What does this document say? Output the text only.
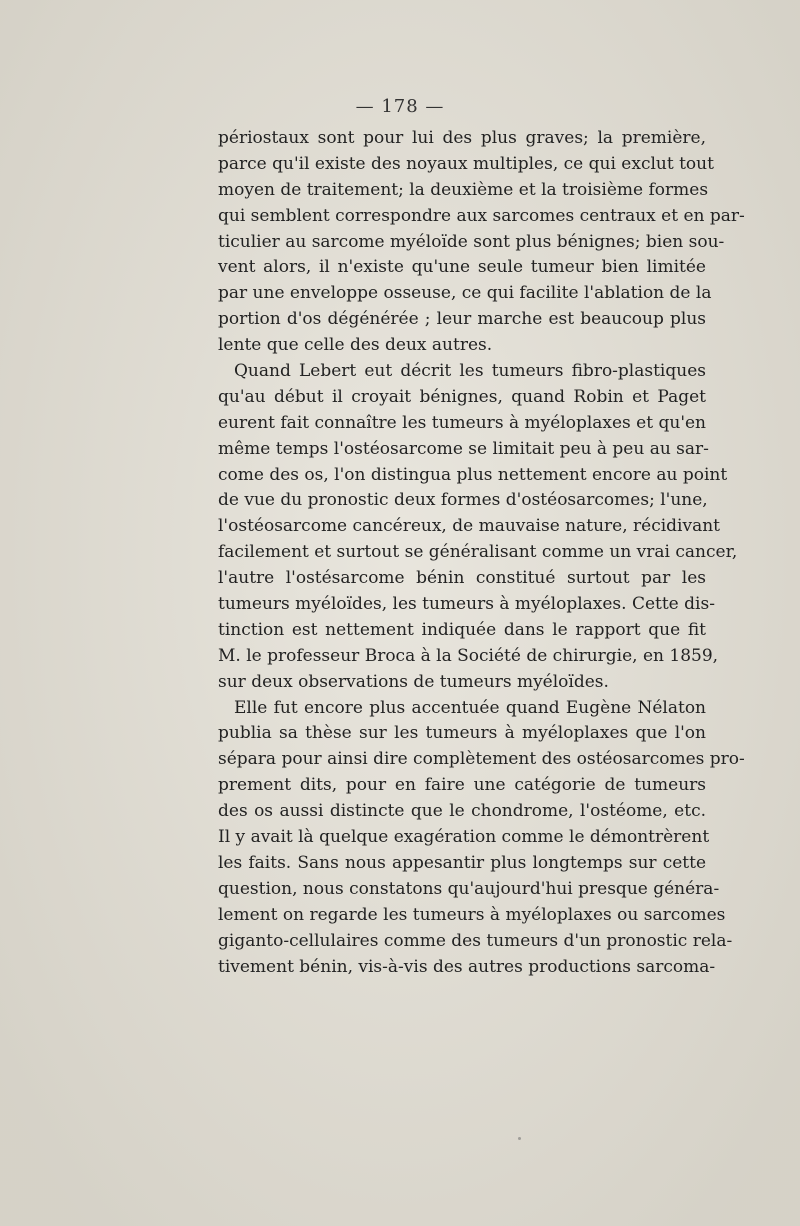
— 178 —
périostaux sont pour lui des plus graves; la première,
parce qu'il existe des noyaux multiples, ce qui exclut tout
moyen de traitement; la deuxième et la troisième formes
qui semblent correspondre aux sarcomes centraux et en par-
ticulier au sarcome myéloïde sont plus bénignes; bien sou-
vent alors, il n'existe qu'une seule tumeur bien limitée
par une enveloppe osseuse, ce qui facilite l'ablation de la
portion d'os dégénérée ; leur marche est beaucoup plus
lente que celle des deux autres.
Quand Lebert eut décrit les tumeurs fibro-plastiques
qu'au début il croyait bénignes, quand Robin et Paget
eurent fait connaître les tumeurs à myéloplaxes et qu'en
même temps l'ostéosarcome se limitait peu à peu au sar-
come des os, l'on distingua plus nettement encore au point
de vue du pronostic deux formes d'ostéosarcomes; l'une,
l'ostéosarcome cancéreux, de mauvaise nature, récidivant
facilement et surtout se généralisant comme un vrai cancer,
l'autre l'ostésarcome bénin constitué surtout par les
tumeurs myéloïdes, les tumeurs à myéloplaxes. Cette dis-
tinction est nettement indiquée dans le rapport que fit
M. le professeur Broca à la Société de chirurgie, en 1859,
sur deux observations de tumeurs myéloïdes.
Elle fut encore plus accentuée quand Eugène Nélaton
publia sa thèse sur les tumeurs à myéloplaxes que l'on
sépara pour ainsi dire complètement des ostéosarcomes pro-
prement dits, pour en faire une catégorie de tumeurs
des os aussi distincte que le chondrome, l'ostéome, etc.
Il y avait là quelque exagération comme le démontrèrent
les faits. Sans nous appesantir plus longtemps sur cette
question, nous constatons qu'aujourd'hui presque généra-
lement on regarde les tumeurs à myéloplaxes ou sarcomes
giganto-cellulaires comme des tumeurs d'un pronostic rela-
tivement bénin, vis-à-vis des autres productions sarcoma-
